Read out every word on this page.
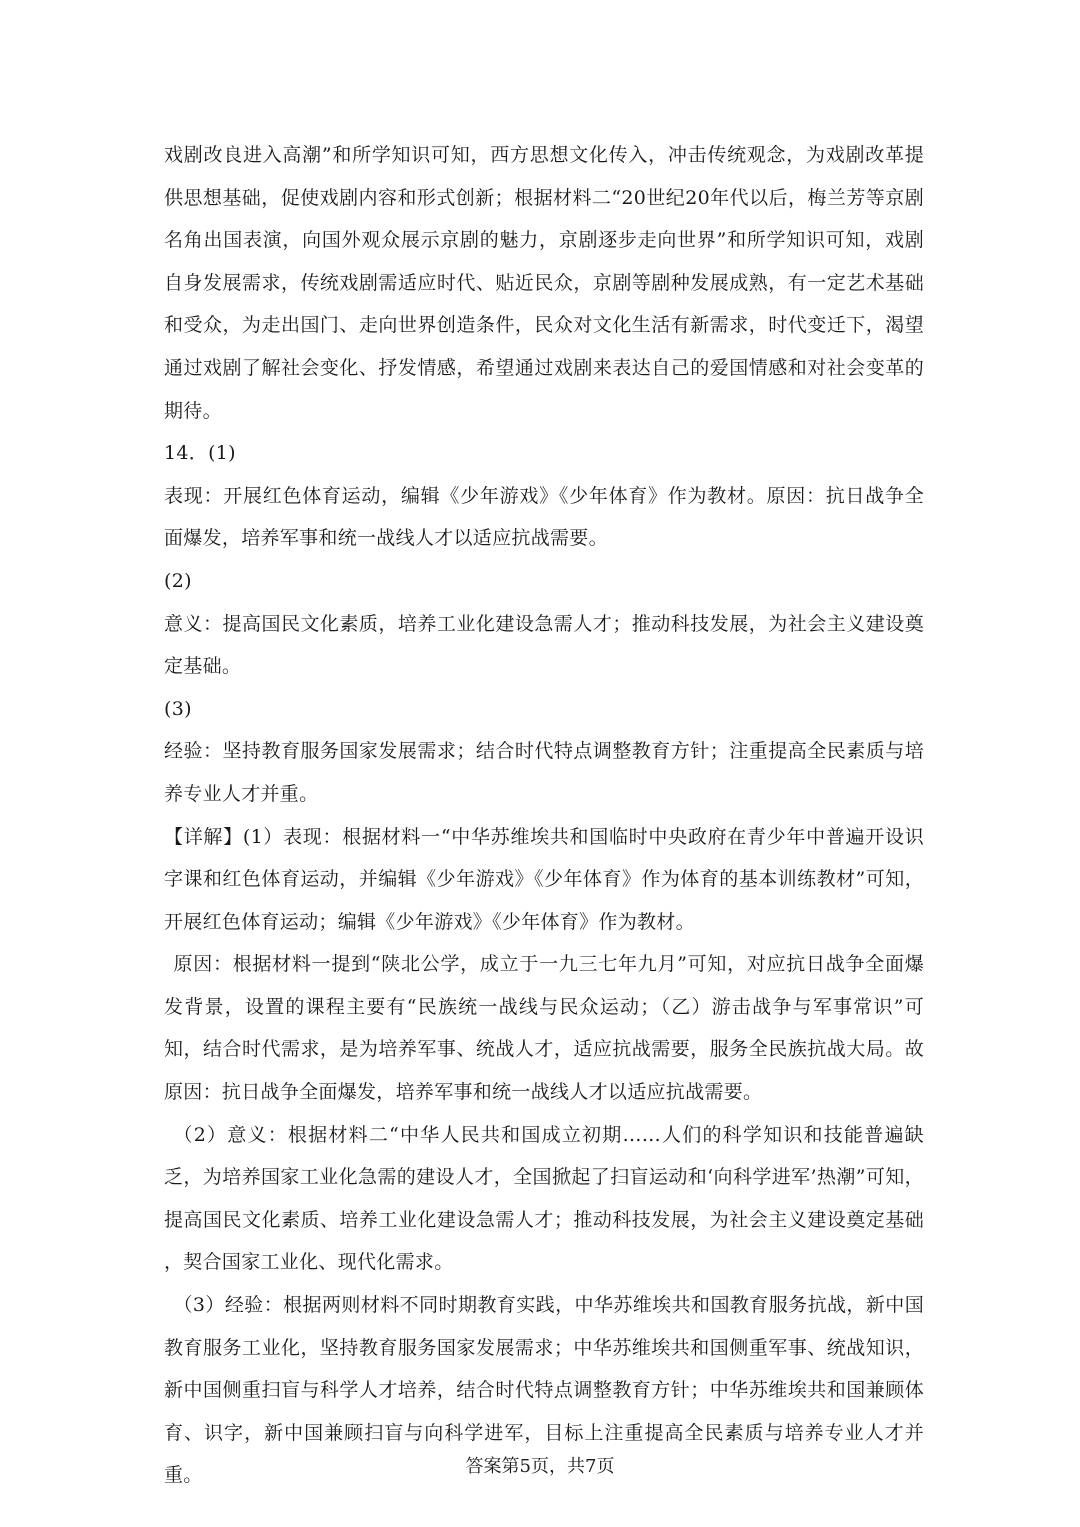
戏剧改良进入高潮”和所学知识可知，西方思想文化传入，冲击传统观念，为戏剧改革提供思想基础，促使戏剧内容和形式创新；根据材料二“20世纪20年代以后，梅兰芳等京剧名角出国表演，向国外观众展示京剧的魅力，京剧逐步走向世界”和所学知识可知，戏剧自身发展需求，传统戏剧需适应时代、贴近民众，京剧等剧种发展成熟，有一定艺术基础和受众，为走出国门、走向世界创造条件，民众对文化生活有新需求，时代变迁下，渴望通过戏剧了解社会变化、抒发情感，希望通过戏剧来表达自己的爱国情感和对社会变革的期待。

14．(1)

表现：开展红色体育运动，编辑《少年游戏》《少年体育》作为教材。原因：抗日战争全面爆发，培养军事和统一战线人才以适应抗战需要。

(2)

意义：提高国民文化素质，培养工业化建设急需人才；推动科技发展，为社会主义建设奠定基础。

(3)

经验：坚持教育服务国家发展需求；结合时代特点调整教育方针；注重提高全民素质与培养专业人才并重。

【详解】(1）表现：根据材料一“中华苏维埃共和国临时中央政府在青少年中普遍开设识字课和红色体育运动，并编辑《少年游戏》《少年体育》作为体育的基本训练教材”可知，开展红色体育运动；编辑《少年游戏》《少年体育》作为教材。

原因：根据材料一提到“陕北公学，成立于一九三七年九月”可知，对应抗日战争全面爆发背景，设置的课程主要有“民族统一战线与民众运动；（乙）游击战争与军事常识”可知，结合时代需求，是为培养军事、统战人才，适应抗战需要，服务全民族抗战大局。故原因：抗日战争全面爆发，培养军事和统一战线人才以适应抗战需要。

（2）意义：根据材料二“中华人民共和国成立初期……人们的科学知识和技能普遍缺乏，为培养国家工业化急需的建设人才，全国掀起了扫盲运动和‘向科学进军’热潮”可知，提高国民文化素质、培养工业化建设急需人才；推动科技发展，为社会主义建设奠定基础 ，契合国家工业化、现代化需求。

（3）经验：根据两则材料不同时期教育实践，中华苏维埃共和国教育服务抗战，新中国教育服务工业化，坚持教育服务国家发展需求；中华苏维埃共和国侧重军事、统战知识，新中国侧重扫盲与科学人才培养，结合时代特点调整教育方针；中华苏维埃共和国兼顾体育、识字，新中国兼顾扫盲与向科学进军，目标上注重提高全民素质与培养专业人才并重。	答案第5页，共7页
